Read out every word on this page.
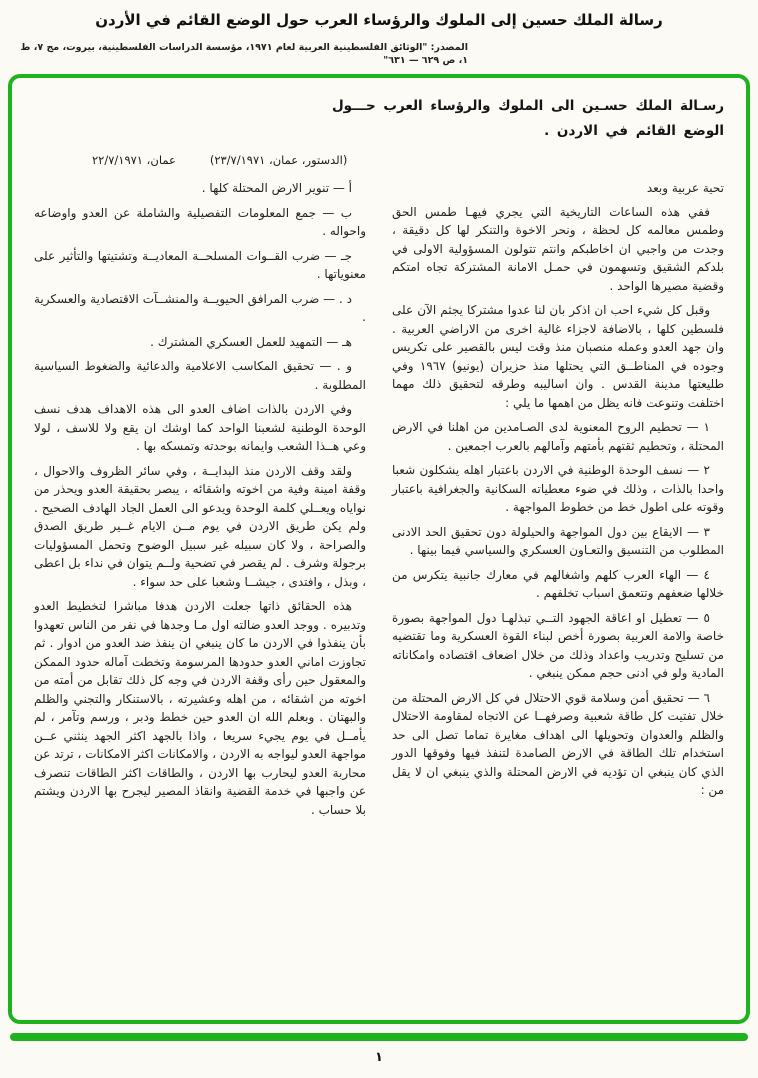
رسالة الملك حسين إلى الملوك والرؤساء العرب حول الوضع القائم في الأردن
المصدر: "الوثائق الفلسطينية العربية لعام ١٩٧١، مؤسسة الدراسات الفلسطينية، بيروت، مج ٧، ط ١، ص ٦٢٩ — ٦٣١"
رسـالة الملك حسـين الى الملوك والرؤساء العرب حـــول
الوضع القائم في الاردن .
عمان، ٢٢/٧/١٩٧١	(الدستور، عمان، ٢٣/٧/١٩٧١)

تحية عربية وبعد

ففي هذه الساعات التاريخية التي يجري فيهـا طمس الحق وطمس معالمه كل لحظة ، ونحر الاخوة والتنكر لها كل دقيقة ، وجدت من واجبي ان اخاطبكم وانتم تتولون المسؤولية الاولى في بلدكم الشقيق وتسهمون في حمـل الامانة المشتركة تجاه امتكم وقضية مصيرها الواحد .

وقبل كل شيء احب ان اذكر بان لنا عدوا مشتركا يجثم الآن على فلسطين كلها ، بالاضافة لاجزاء غالية اخرى من الاراضي العربية . وان جهد العدو وعمله منصبان منذ وقت ليس بالقصير على تكريس وجوده في المناطــق التي يحتلها منذ حزيران (يونيو) ١٩٦٧ وفي طليعتها مدينة القدس . وان اساليبه وطرقه لتحقيق ذلك مهما اختلفت وتنوعت فانه يظل من اهمها ما يلي :

١ — تحطيم الروح المعنوية لدى الصـامدين من اهلنا في الارض المحتلة ، وتحطيم ثقتهم بأمتهم وآمالهم بالعرب اجمعين .

٢ — نسف الوحدة الوطنية في الاردن باعتبار اهله يشكلون شعبا واحدا بالذات ، وذلك في ضوء معطياته السكانية والجغرافية باعتبار وقوته على اطول خط من خطوط المواجهة .

٣ — الايقاع بين دول المواجهة والحيلولة دون تحقيق الحد الادنى المطلوب من التنسيق والتعـاون العسكري والسياسي فيما بينها .

٤ — الهاء العرب كلهم واشغالهم في معارك جانبية يتكرس من خلالها ضعفهم وتتعمق اسباب تخلفهم .

٥ — تعطيل او اعاقة الجهود التــي تبذلهـا دول المواجهة بصورة خاصة والامة العربية بصورة أخص لبناء القوة العسكرية وما تقتضيه من تسليح وتدريب واعداد وذلك من خلال اضعاف اقتصاده وامكاناته المادية ولو في ادنى حجم ممكن ينبغي .

٦ — تحقيق أمن وسلامة قوي الاحتلال في كل الارض المحتلة من خلال تفتيت كل طاقة شعبية وصرفهــا عن الاتجاه لمقاومة الاحتلال والظلم والعدوان وتحويلها الى اهداف مغايرة تماما تصل الى حد استخدام تلك الطاقة في الارض الصامدة لتنفذ فيها وفوقها الدور الذي كان ينبغي ان تؤديه في الارض المحتلة والذي ينبغي ان لا يقل من :

أ — تنوير الارض المحتلة كلها .

ب — جمع المعلومات التفصيلية والشاملة عن العدو واوضاعه واحواله .

جـ — ضرب القــوات المسلحــة المعاديــة وتشتيتها والتأثير على معنوياتها .

د . — ضرب المرافق الحيويــة والمنشــآت الاقتصادية والعسكرية .

هـ — التمهيد للعمل العسكري المشترك .

و . — تحقيق المكاسب الاعلامية والدعائية والضغوط السياسية المطلوبة .

وفي الاردن بالذات اضاف العدو الى هذه الاهداف هدف نسف الوحدة الوطنية لشعبنا الواحد كما اوشك ان يقع ولا للاسف ، لولا وعي هــذا الشعب وايمانه بوحدته وتمسكه بها .

ولقد وقف الاردن منذ البدايــة ، وفي سائر الظروف والاحوال ، وقفة امينة وفية من اخوته واشقائه ، يبصر بحقيقة العدو ويحذر من نواياه ويعــلي كلمة الوحدة ويدعو الى العمل الجاد الهادف الصحيح . ولم يكن طريق الاردن في يوم مــن الايام غــير طريق الصدق والصراحة ، ولا كان سبيله غير سبيل الوضوح وتحمل المسؤوليات برجولة وشرف . لم يقصر في تضحية ولــم يتوان في نداء بل اعطى ، وبذل ، وافتدى ، جيشــا وشعبا على حد سواء .

هذه الحقائق ذاتها جعلت الاردن هدفا مباشرا لتخطيط العدو وتدبيره . ووجد العدو ضالته اول مـا وجدها في نفر من الناس تعهدوا بأن ينفذوا في الاردن ما كان ينبغي ان ينفذ ضد العدو من ادوار . ثم تجاوزت اماني العدو حدودها المرسومة وتخطت آماله حدود الممكن والمعقول حين رأى وقفة الاردن في وجه كل ذلك تقابل من أمته من اخوته من اشقائه ، من اهله وعشيرته ، بالاستنكار والتجني والظلم والبهتان . وبعلم الله ان العدو حين خطط ودبر ، ورسم وتآمر ، لم يأمــل في يوم يجيء سريعا ، واذا بالجهد اكثر الجهد ينثني عــن مواجهة العدو ليواجه به الاردن ، والامكانات اكثر الامكانات ، ترتد عن محاربة العدو ليحارب بها الاردن ، والطاقات اكثر الطاقات تنصرف عن واجبها في خدمة القضية وانقاذ المصير ليجرح بها الاردن ويشتم بلا حساب .

١
